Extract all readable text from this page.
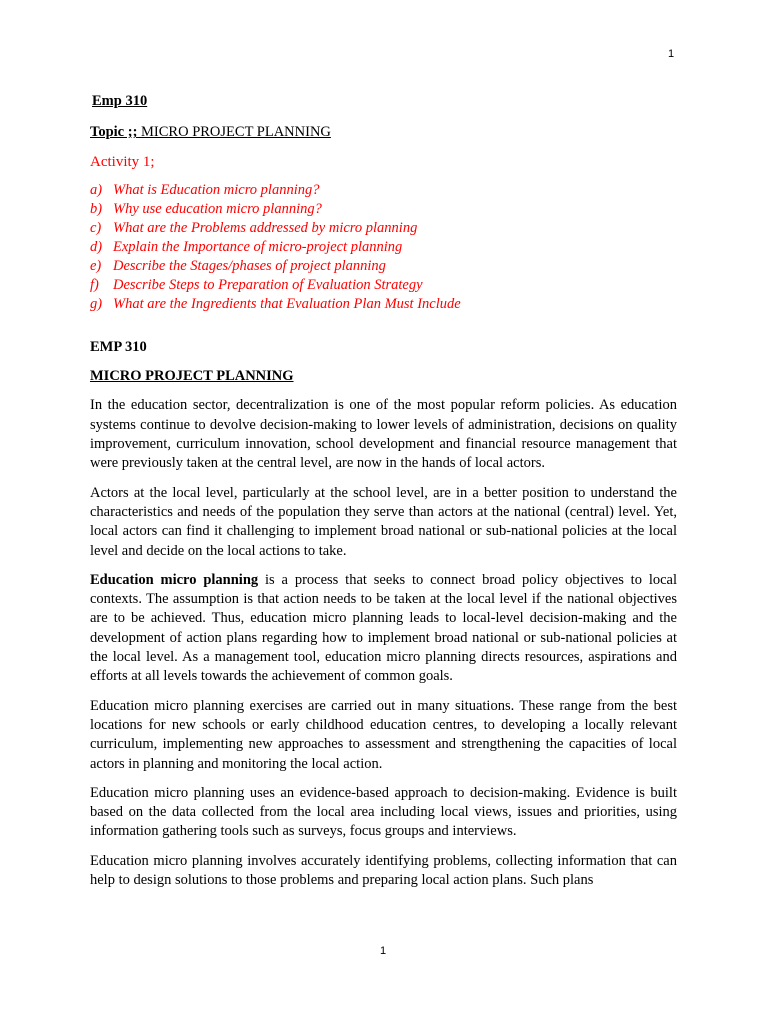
1
Emp 310
Topic ;; MICRO PROJECT PLANNING
Activity 1;
a) What is Education micro planning?
b) Why use education micro planning?
c) What are the Problems addressed by micro planning
d) Explain the Importance of micro-project planning
e) Describe the Stages/phases of project planning
f) Describe Steps to Preparation of Evaluation Strategy
g) What are the Ingredients that Evaluation Plan Must Include
EMP 310
MICRO PROJECT PLANNING

In the education sector, decentralization is one of the most popular reform policies. As education systems continue to devolve decision-making to lower levels of administration, decisions on quality improvement, curriculum innovation, school development and financial resource management that were previously taken at the central level, are now in the hands of local actors.

Actors at the local level, particularly at the school level, are in a better position to understand the characteristics and needs of the population they serve than actors at the national (central) level. Yet, local actors can find it challenging to implement broad national or sub-national policies at the local level and decide on the local actions to take.

Education micro planning is a process that seeks to connect broad policy objectives to local contexts. The assumption is that action needs to be taken at the local level if the national objectives are to be achieved. Thus, education micro planning leads to local-level decision-making and the development of action plans regarding how to implement broad national or sub-national policies at the local level. As a management tool, education micro planning directs resources, aspirations and efforts at all levels towards the achievement of common goals.

Education micro planning exercises are carried out in many situations. These range from the best locations for new schools or early childhood education centres, to developing a locally relevant curriculum, implementing new approaches to assessment and strengthening the capacities of local actors in planning and monitoring the local action.

Education micro planning uses an evidence-based approach to decision-making. Evidence is built based on the data collected from the local area including local views, issues and priorities, using information gathering tools such as surveys, focus groups and interviews.

Education micro planning involves accurately identifying problems, collecting information that can help to design solutions to those problems and preparing local action plans. Such plans

1
